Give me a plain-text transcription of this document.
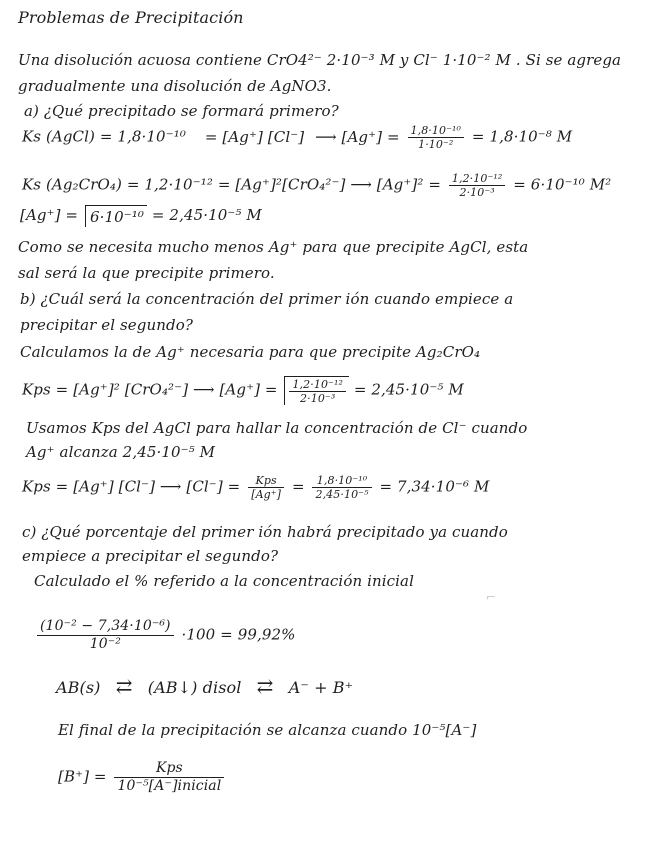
Problemas de Precipitación
Una disolución acuosa contiene CrO4²⁻ 2·10⁻³ M y Cl⁻ 1·10⁻² M . Si se agrega
gradualmente una disolución de AgNO3.
a) ¿Qué precipitado se formará primero?
Ks (AgCl) = 1,8·10⁻¹⁰ = [Ag⁺] [Cl⁻] ⟶ $[Ag^+] = \frac{\text{1,8·10⁻¹⁰}}{\text{1·10⁻²}} = 1,8\cdot 10^{-8}$ M
Ks (Ag₂CrO₄) = 1,2·10⁻¹² = [Ag⁺]²[CrO₄²⁻] ⟶ $[Ag^+]^2 = \frac{\text{1,2·10⁻¹²}}{\text{2·10⁻³}} = 6\cdot 10^{-10}$ M²
[Ag⁺] = 6·10⁻¹⁰ = 2,45·10⁻⁵ M
Como se necesita mucho menos Ag⁺ para que precipite AgCl, esta
sal será la que precipite primero.
b) ¿Cuál será la concentración del primer ión cuando empiece a
precipitar el segundo?
Calculamos la de Ag⁺ necesaria para que precipite Ag₂CrO₄
Kps = [Ag⁺]² [CrO₄²⁻] ⟶ $[Ag^+] = \frac{\text{1,2·10⁻¹²}}{\text{2·10⁻³}} = 2,45\cdot 10^{-5}$ M
Usamos Kps del AgCl para hallar la concentración de Cl⁻ cuando
Ag⁺ alcanza 2,45·10⁻⁵ M
Kps = [Ag⁺] [Cl⁻] ⟶ $[Cl^-] = \frac{\text{Kps}}{[Ag^+]} = \frac{\text{1,8·10⁻¹⁰}}{\text{2,45·10⁻⁵}} = 7,34\cdot 10^{-6}$ M
c) ¿Qué porcentaje del primer ión habrá precipitado ya cuando
empiece a precipitar el segundo?
Calculado el % referido a la concentración inicial
$\frac{\text{(10⁻² − 7,34·10⁻⁶)}}{\text{10⁻²}} \cdot 100 = 99,92\%$
⌐
AB(s) ⇄ (AB↓) disol ⇄ A⁻ + B⁺
El final de la precipitación se alcanza cuando 10⁻⁵[A⁻]
$[B^+] = \frac{\text{Kps}}{\text{10⁻⁵[A⁻]inicial}}$
